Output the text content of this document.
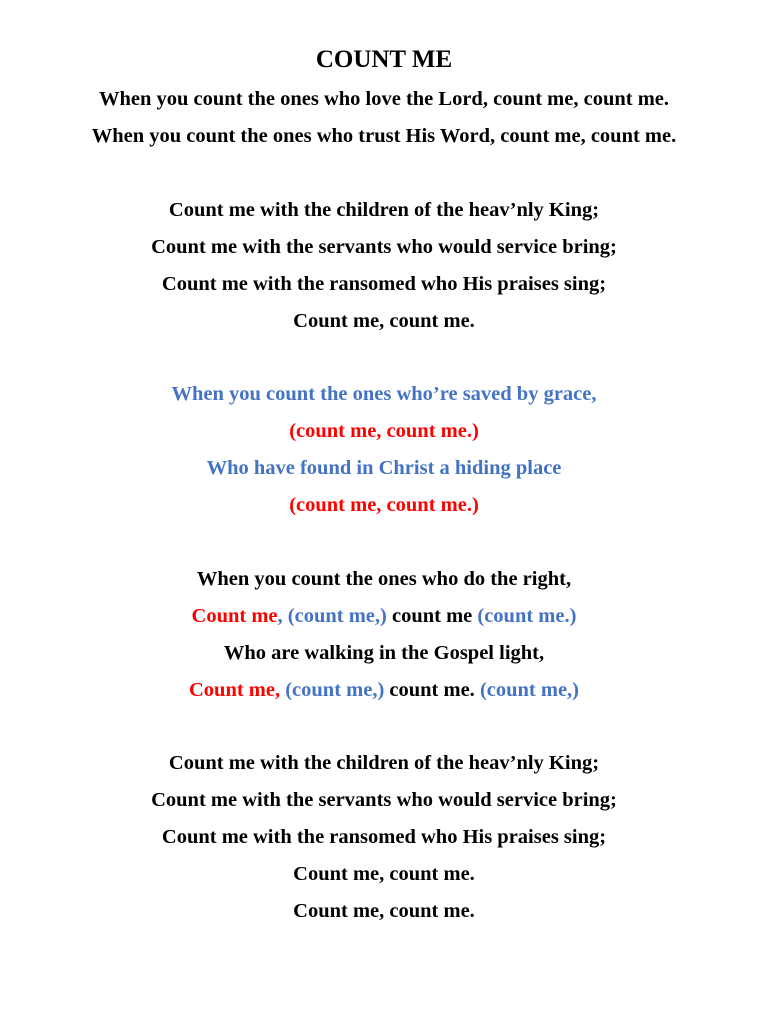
COUNT ME
When you count the ones who love the Lord, count me, count me.
When you count the ones who trust His Word, count me, count me.
Count me with the children of the heav’nly King;
Count me with the servants who would service bring;
Count me with the ransomed who His praises sing;
Count me, count me.
When you count the ones who’re saved by grace,
(count me, count me.)
Who have found in Christ a hiding place
(count me, count me.)
When you count the ones who do the right,
Count me, (count me,) count me (count me.)
Who are walking in the Gospel light,
Count me, (count me,) count me. (count me,)
Count me with the children of the heav’nly King;
Count me with the servants who would service bring;
Count me with the ransomed who His praises sing;
Count me, count me.
Count me, count me.
